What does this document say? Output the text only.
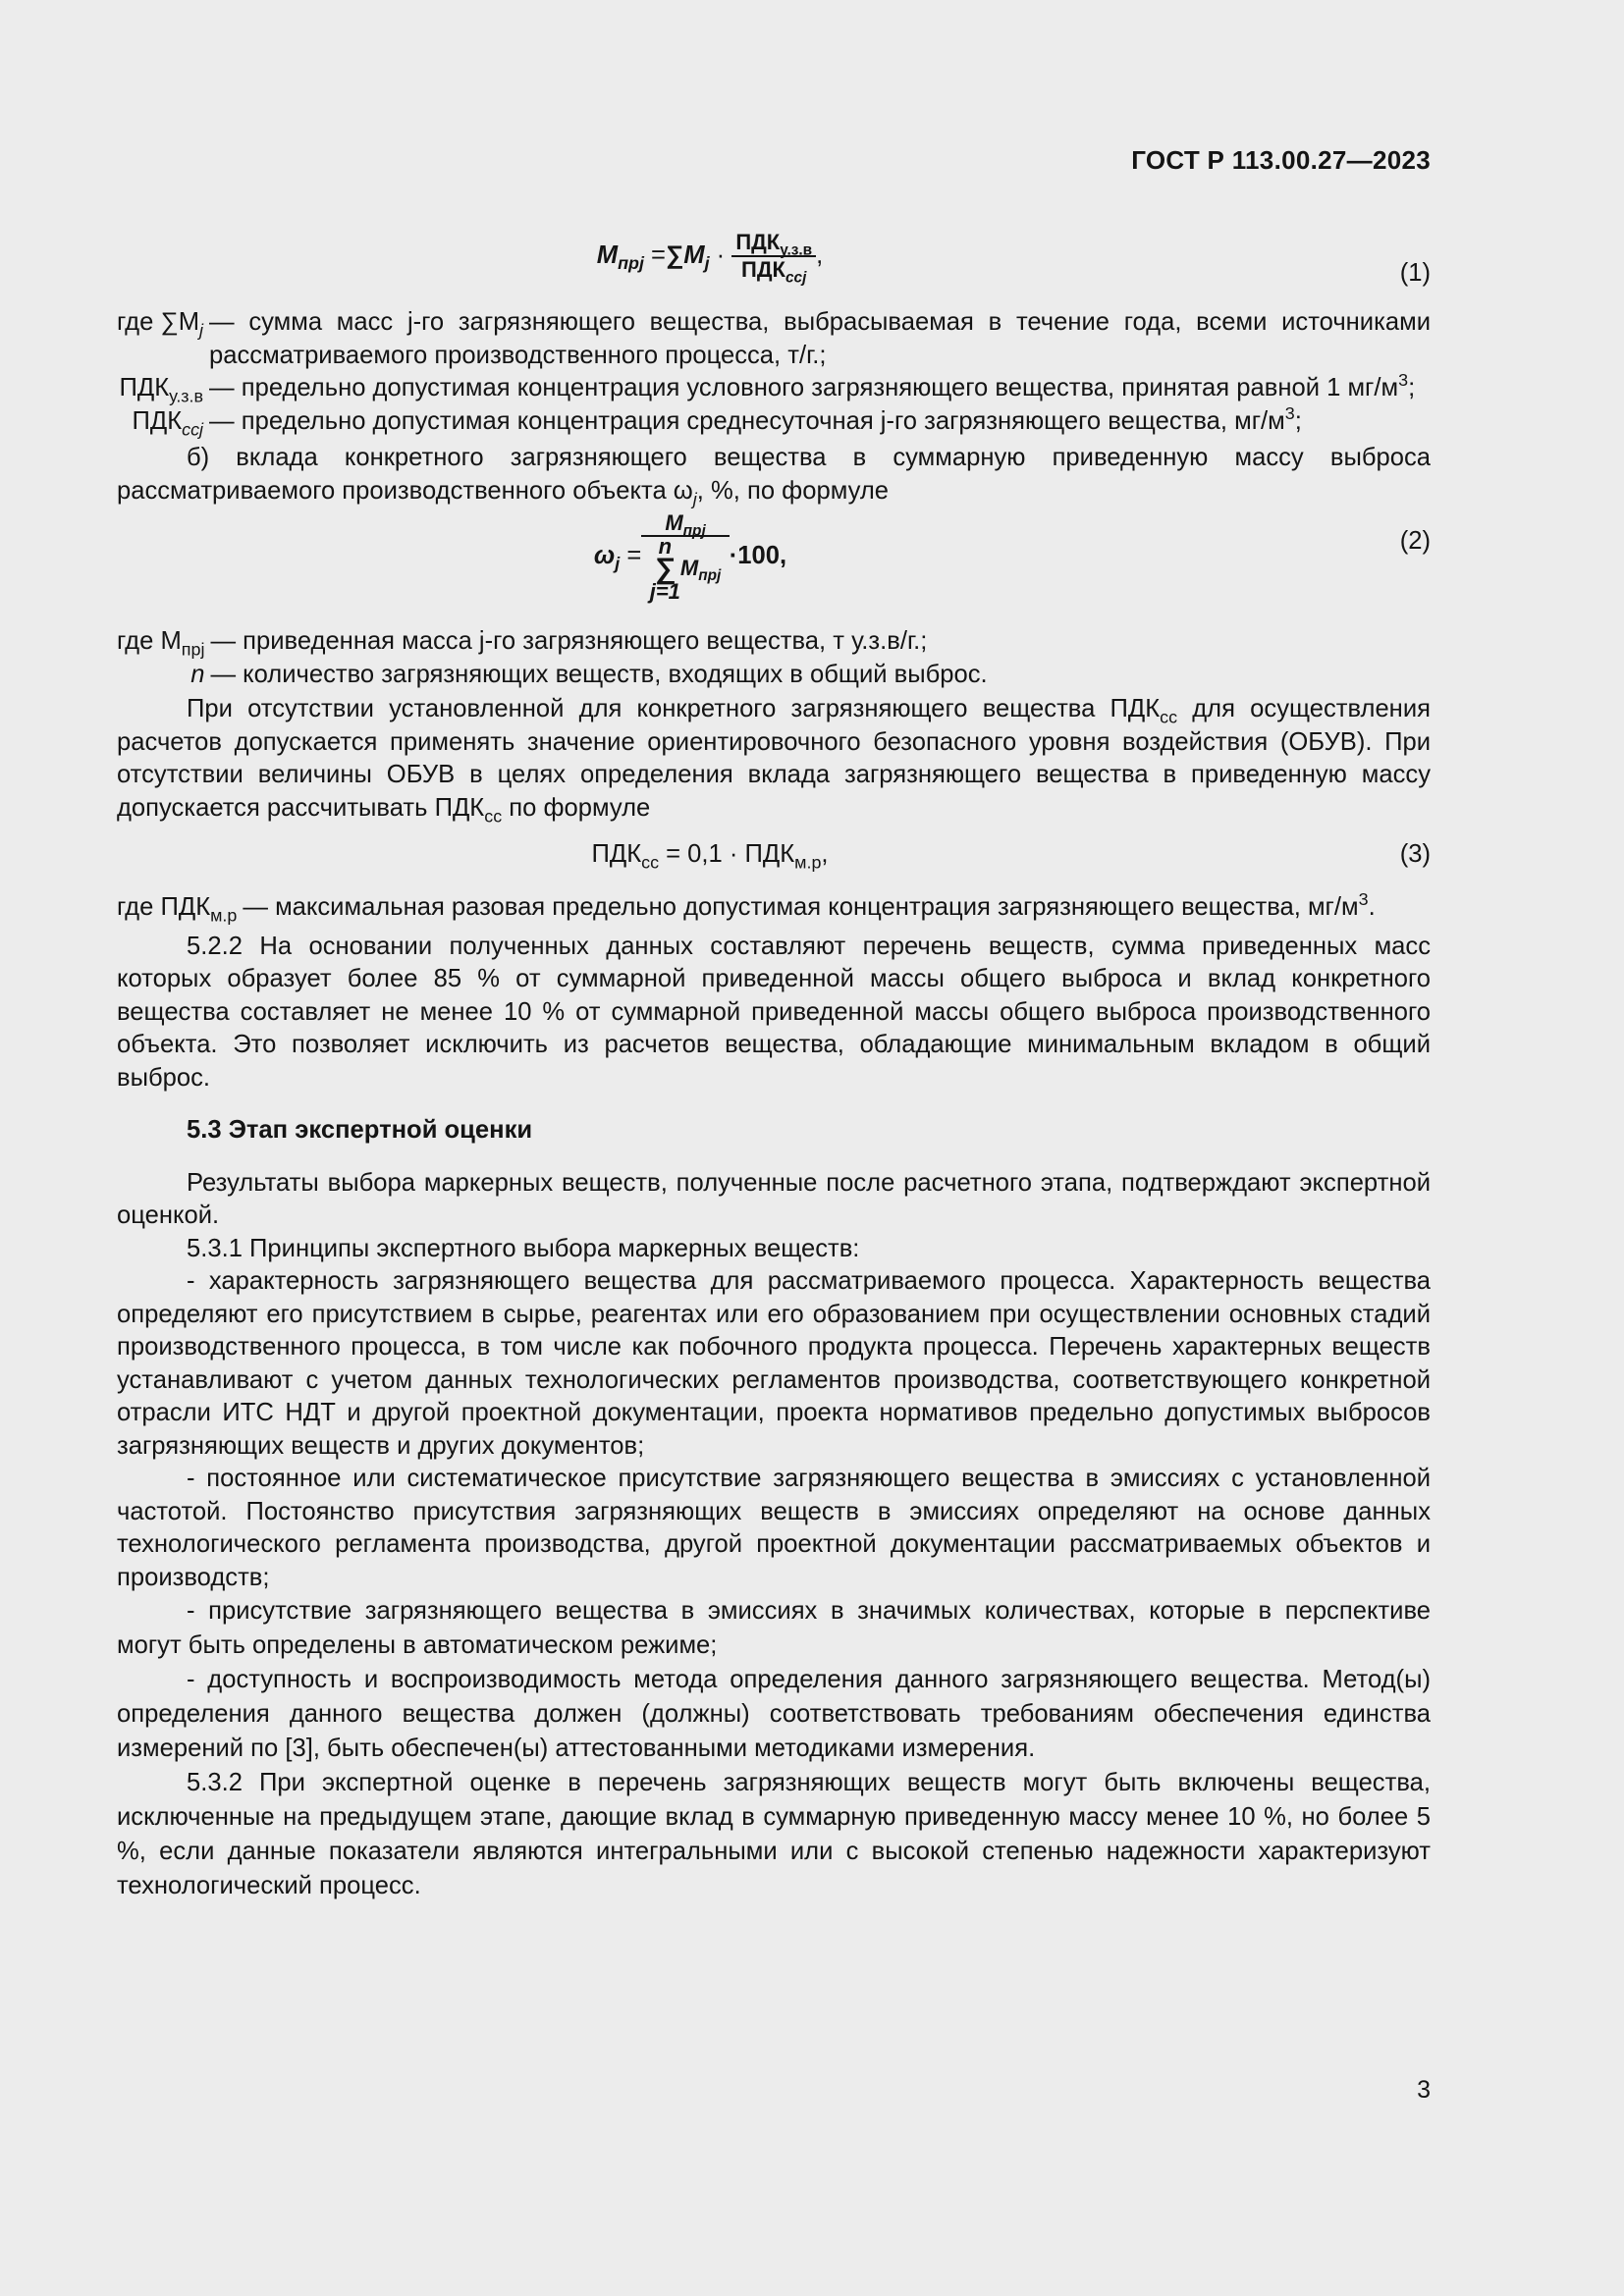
ГОСТ Р 113.00.27—2023
$M_{прj} =\sum M_j \cdot \frac{ПДК_{у.з.в}}{ПДК_{ccj}}$ ,
(1)
где $\sum M_j$ — сумма масс j-го загрязняющего вещества, выбрасываемая в течение года, всеми источниками рассматриваемого производственного процесса, т/г.;
$ПДК_{у.з.в}$ — предельно допустимая концентрация условного загрязняющего вещества, принятая равной 1 $мг/м^3$;
$ПДК_{ccj}$ — предельно допустимая концентрация среднесуточная j-го загрязняющего вещества, $мг/м^3$;

б) вклада конкретного загрязняющего вещества в суммарную приведенную массу выброса рассматриваемого производственного объекта $\omega_j$, %, по формуле

$\omega_j = M_{прj}$
n
∑
$j=1M_{прj} \cdot 100$,
(2)
где $M_{прj}$ — приведенная масса j-го загрязняющего вещества, т у.з.в/г.;
n — количество загрязняющих веществ, входящих в общий выброс.

При отсутствии установленной для конкретного загрязняющего вещества $ПДК_{cc}$ для осуществления расчетов допускается применять значение ориентировочного безопасного уровня воздействия (ОБУВ). При отсутствии величины ОБУВ в целях определения вклада загрязняющего вещества в приведенную массу допускается рассчитывать $ПДК_{cc}$ по формуле

$ПДК_{cc} = 0,1 \cdot ПДК_{м.р}$,	(3)
где $ПДК_{м.р}$ — максимальная разовая предельно допустимая концентрация загрязняющего вещества, $мг/м^3$.

5.2.2 На основании полученных данных составляют перечень веществ, сумма приведенных масс которых образует более 85 % от суммарной приведенной массы общего выброса и вклад конкретного вещества составляет не менее 10 % от суммарной приведенной массы общего выброса производственного объекта. Это позволяет исключить из расчетов вещества, обладающие минимальным вкладом в общий выброс.

5.3 Этап экспертной оценки

Результаты выбора маркерных веществ, полученные после расчетного этапа, подтверждают экспертной оценкой.

5.3.1 Принципы экспертного выбора маркерных веществ:

- характерность загрязняющего вещества для рассматриваемого процесса. Характерность вещества определяют его присутствием в сырье, реагентах или его образованием при осуществлении основных стадий производственного процесса, в том числе как побочного продукта процесса. Перечень характерных веществ устанавливают с учетом данных технологических регламентов производства, соответствующего конкретной отрасли ИТС НДТ и другой проектной документации, проекта нормативов предельно допустимых выбросов загрязняющих веществ и других документов;

- постоянное или систематическое присутствие загрязняющего вещества в эмиссиях с установленной частотой. Постоянство присутствия загрязняющих веществ в эмиссиях определяют на основе данных технологического регламента производства, другой проектной документации рассматриваемых объектов и производств;

- присутствие загрязняющего вещества в эмиссиях в значимых количествах, которые в перспективе могут быть определены в автоматическом режиме;

- доступность и воспроизводимость метода определения данного загрязняющего вещества. Метод(ы) определения данного вещества должен (должны) соответствовать требованиям обеспечения единства измерений по [3], быть обеспечен(ы) аттестованными методиками измерения.

5.3.2 При экспертной оценке в перечень загрязняющих веществ могут быть включены вещества, исключенные на предыдущем этапе, дающие вклад в суммарную приведенную массу менее 10 %, но более 5 %, если данные показатели являются интегральными или с высокой степенью надежности характеризуют технологический процесс.

3
